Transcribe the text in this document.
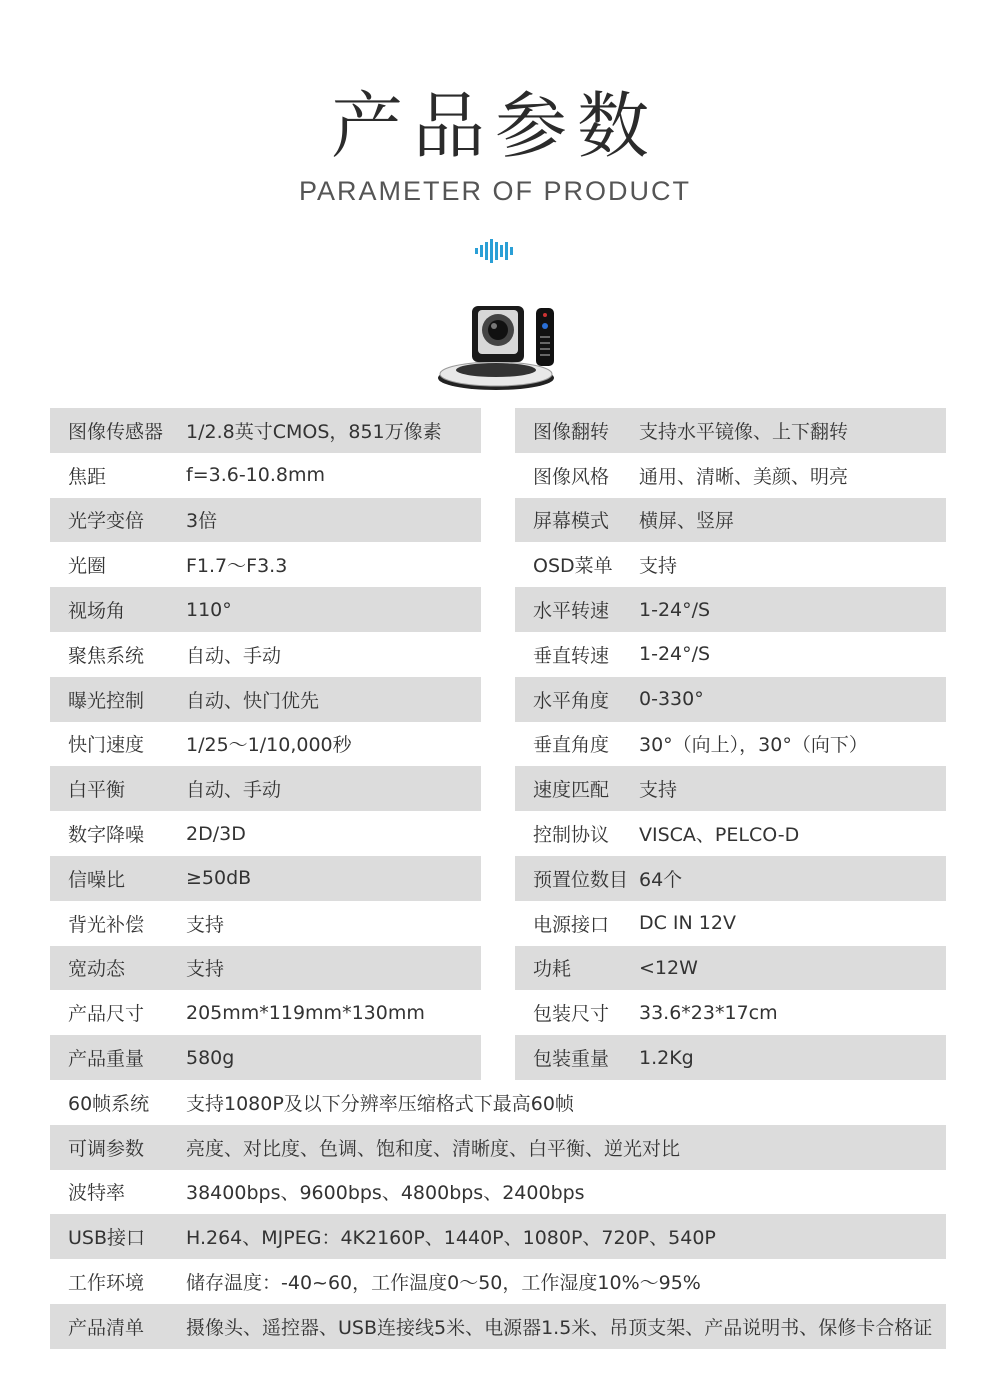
产品参数
PARAMETER OF PRODUCT
图像传感器	1/2.8英寸CMOS，851万像素	图像翻转	支持水平镜像、上下翻转
焦距	f=3.6-10.8mm	图像风格	通用、清晰、美颜、明亮
光学变倍	3倍	屏幕模式	横屏、竖屏
光圈	F1.7～F3.3	OSD菜单	支持
视场角	110°	水平转速	1-24°/S
聚焦系统	自动、手动	垂直转速	1-24°/S
曝光控制	自动、快门优先	水平角度	0-330°
快门速度	1/25～1/10,000秒	垂直角度	30°（向上），30°（向下）
白平衡	自动、手动	速度匹配	支持
数字降噪	2D/3D	控制协议	VISCA、PELCO-D
信噪比	≥50dB	预置位数目 64个
背光补偿	支持	电源接口	DC IN 12V
宽动态	支持	功耗	<12W
产品尺寸	205mm*119mm*130mm	包装尺寸	33.6*23*17cm
产品重量	580g	包装重量	1.2Kg
60帧系统	支持1080P及以下分辨率压缩格式下最高60帧
可调参数	亮度、对比度、色调、饱和度、清晰度、白平衡、逆光对比
波特率	38400bps、9600bps、4800bps、2400bps
USB接口	H.264、MJPEG：4K2160P、1440P、1080P、720P、540P
工作环境	储存温度：-40~60，工作温度0～50，工作湿度10%～95%
产品清单	摄像头、遥控器、USB连接线5米、电源器1.5米、吊顶支架、产品说明书、保修卡合格证
